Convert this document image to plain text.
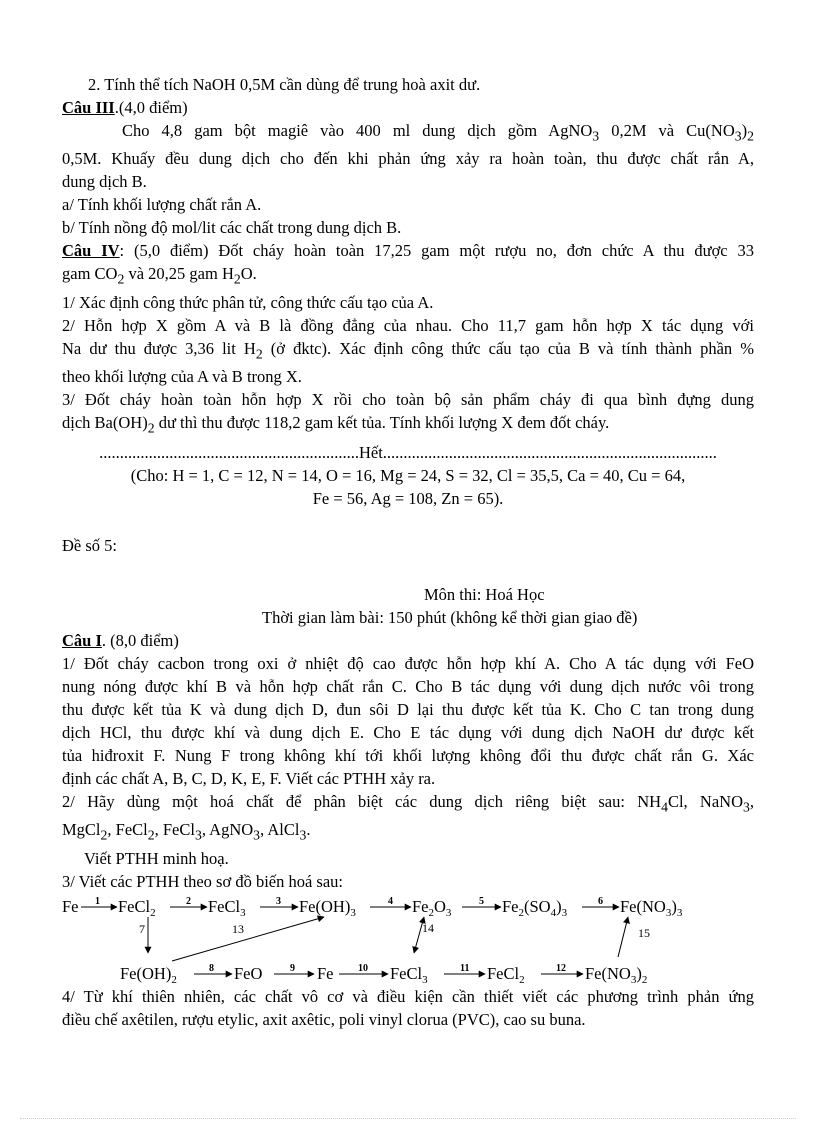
2. Tính thể tích NaOH 0,5M cần dùng để trung hoà axit dư.

Câu III.(4,0 điểm)

Cho 4,8 gam bột magiê vào 400 ml dung dịch gồm AgNO$_3$ 0,2M và $Cu(NO_3)_2$

0,5M. Khuấy đều dung dịch cho đến khi phản ứng xảy ra hoàn toàn, thu được chất rắn A,

dung dịch B.

a/ Tính khối lượng chất rắn A.

b/ Tính nồng độ mol/lit các chất trong dung dịch B.

Câu IV: (5,0 điểm) Đốt cháy hoàn toàn 17,25 gam một rượu no, đơn chức A thu được 33

gam $CO_2$ và 20,25 gam $H_2O$.

1/ Xác định công thức phân tử, công thức cấu tạo của A.

2/ Hỗn hợp X gồm A và B là đồng đẳng của nhau. Cho 11,7 gam hỗn hợp X tác dụng với

Na dư thu được 3,36 lit $H_2$ (ở đktc). Xác định công thức cấu tạo của B và tính thành phần %

theo khối lượng của A và B trong X.

3/ Đốt cháy hoàn toàn hỗn hợp X rồi cho toàn bộ sản phẩm cháy đi qua bình đựng dung

dịch $Ba(OH)_2$ dư thì thu được 118,2 gam kết tủa. Tính khối lượng X đem đốt cháy.

...............................................................Hết.................................................................................

(Cho: H = 1, C = 12, N = 14, O = 16, Mg = 24, S = 32, Cl = 35,5, Ca = 40, Cu = 64,

Fe = 56, Ag = 108, Zn = 65).

Đề số 5:

Môn thi: Hoá Học

Thời gian làm bài: 150 phút (không kể thời gian giao đề)

Câu I. (8,0 điểm)

1/ Đốt cháy cacbon trong oxi ở nhiệt độ cao được hỗn hợp khí A. Cho A tác dụng với FeO

nung nóng được khí B và hỗn hợp chất rắn C. Cho B tác dụng với dung dịch nước vôi trong

thu được kết tủa K và dung dịch D, đun sôi D lại thu được kết tủa K. Cho C tan trong dung

dịch HCl, thu được khí và dung dịch E. Cho E tác dụng với dung dịch NaOH dư được kết

tủa hiđroxit F. Nung F trong không khí tới khối lượng không đổi thu được chất rắn G. Xác

định các chất A, B, C, D, K, E, F. Viết các PTHH xảy ra.

2/ Hãy dùng một hoá chất để phân biệt các dung dịch riêng biệt sau: $NH_4Cl$, NaNO$_3$,

MgCl$_2$, FeCl$_2$, FeCl$_3$, AgNO$_3$, AlCl$_3$.

Viết PTHH minh hoạ.

3/ Viết các PTHH theo sơ đồ biến hoá sau:

Fe FeCl$_2$	FeCl$_3$	$Fe(OH)_3$	$Fe_2O_3$	$Fe_2(SO_4)_3$	$Fe(NO_3)_3$
1	2	3	4	5	6
7	13	14	15
$Fe(OH)_2$	FeO	Fe	FeCl$_3$	FeCl$_2$	$Fe(NO_3)_2$
8	9	10	11	12

4/ Từ khí thiên nhiên, các chất vô cơ và điều kiện cần thiết viết các phương trình phản ứng

điều chế axêtilen, rượu etylic, axit axêtic, poli vinyl clorua (PVC), cao su buna.
